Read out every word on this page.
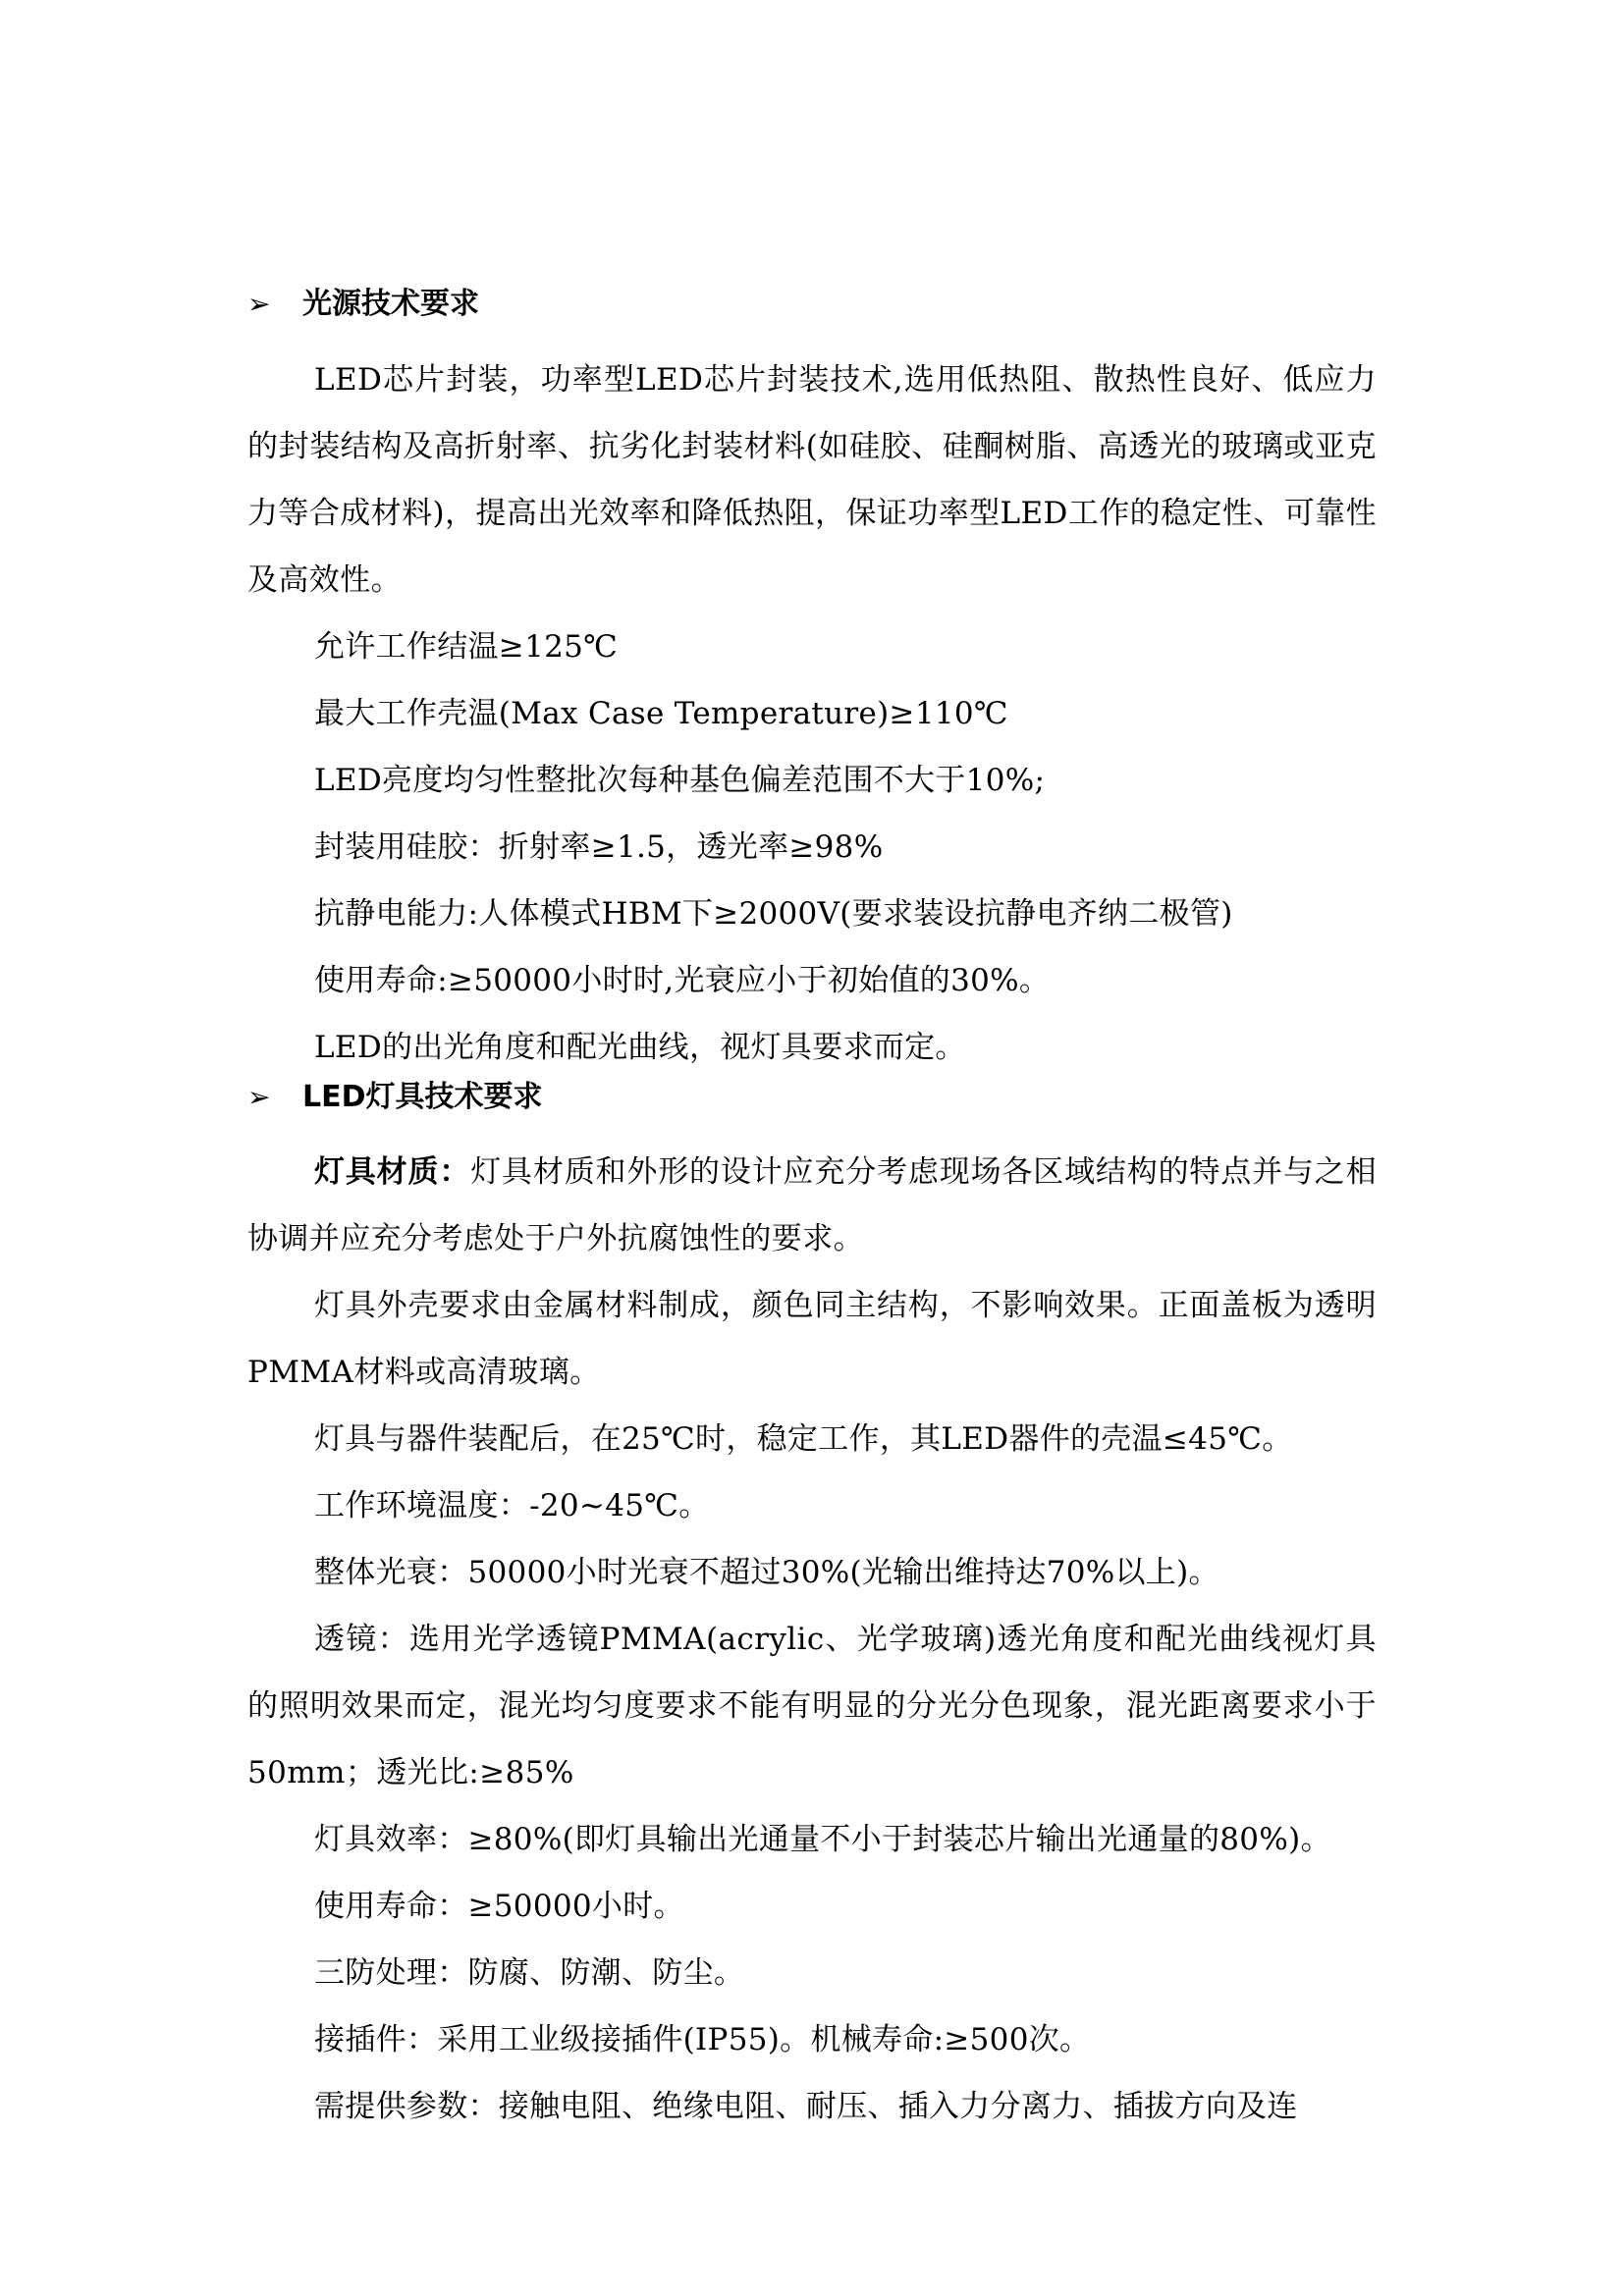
➢ 光源技术要求

LED芯片封装，功率型LED芯片封装技术,选用低热阻、散热性良好、低应力的封装结构及高折射率、抗劣化封装材料(如硅胶、硅酮树脂、高透光的玻璃或亚克力等合成材料)，提高出光效率和降低热阻，保证功率型LED工作的稳定性、可靠性及高效性。

允许工作结温≥125℃
最大工作壳温(Max Case Temperature)≥110℃
LED亮度均匀性整批次每种基色偏差范围不大于10%;
封装用硅胶：折射率≥1.5，透光率≥98%
抗静电能力:人体模式HBM下≥2000V(要求装设抗静电齐纳二极管)
使用寿命:≥50000小时时,光衰应小于初始值的30%。
LED的出光角度和配光曲线，视灯具要求而定。
➢ LED灯具技术要求

灯具材质：灯具材质和外形的设计应充分考虑现场各区域结构的特点并与之相协调并应充分考虑处于户外抗腐蚀性的要求。

灯具外壳要求由金属材料制成，颜色同主结构，不影响效果。正面盖板为透明PMMA材料或高清玻璃。

灯具与器件装配后，在25℃时，稳定工作，其LED器件的壳温≤45℃。
工作环境温度：-20~45℃。
整体光衰：50000小时光衰不超过30%(光输出维持达70%以上)。

透镜：选用光学透镜PMMA(acrylic、光学玻璃)透光角度和配光曲线视灯具的照明效果而定，混光均匀度要求不能有明显的分光分色现象，混光距离要求小于50mm；透光比:≥85%

灯具效率：≥80%(即灯具输出光通量不小于封装芯片输出光通量的80%)。
使用寿命：≥50000小时。
三防处理：防腐、防潮、防尘。
接插件：采用工业级接插件(IP55)。机械寿命:≥500次。
需提供参数：接触电阻、绝缘电阻、耐压、插入力分离力、插拔方向及连
